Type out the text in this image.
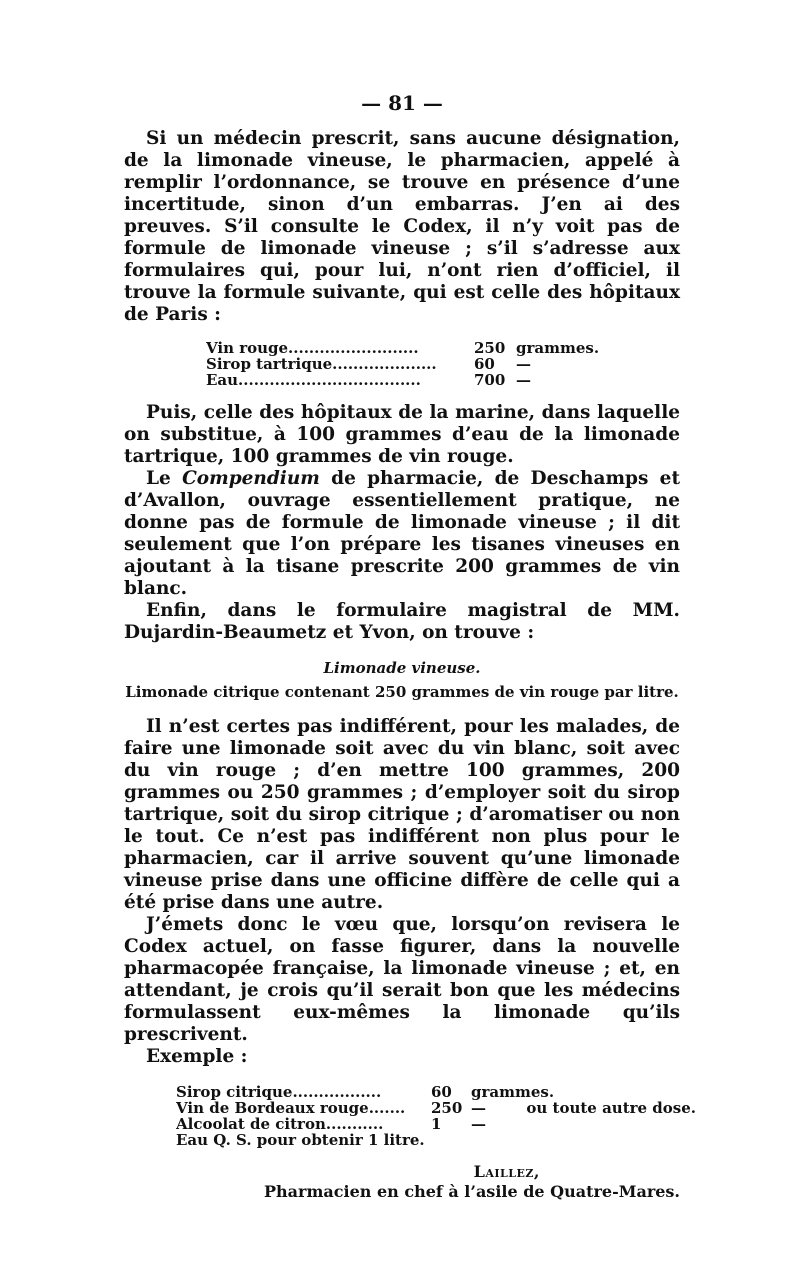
— 81 —

Si un médecin prescrit, sans aucune désignation, de la limonade vineuse, le pharmacien, appelé à remplir l’ordonnance, se trouve en présence d’une incertitude, sinon d’un embarras. J’en ai des preuves. S’il consulte le Codex, il n’y voit pas de formule de limonade vineuse ; s’il s’adresse aux formulaires qui, pour lui, n’ont rien d’officiel, il trouve la formule suivante, qui est celle des hôpitaux de Paris :

Vin rouge.........................	250 grammes.
Sirop tartrique....................	60	—
Eau...................................	700 —

Puis, celle des hôpitaux de la marine, dans laquelle on substitue, à 100 grammes d’eau de la limonade tartrique, 100 grammes de vin rouge.

Le Compendium de pharmacie, de Deschamps et d’Avallon, ouvrage essentiellement pratique, ne donne pas de formule de limonade vineuse ; il dit seulement que l’on prépare les tisanes vineuses en ajoutant à la tisane prescrite 200 grammes de vin blanc.

Enfin, dans le formulaire magistral de MM. Dujardin-Beaumetz et Yvon, on trouve :

Limonade vineuse.
Limonade citrique contenant 250 grammes de vin rouge par litre.

Il n’est certes pas indifférent, pour les malades, de faire une limonade soit avec du vin blanc, soit avec du vin rouge ; d’en mettre 100 grammes, 200 grammes ou 250 grammes ; d’employer soit du sirop tartrique, soit du sirop citrique ; d’aromatiser ou non le tout. Ce n’est pas indifférent non plus pour le pharmacien, car il arrive souvent qu’une limonade vineuse prise dans une officine diffère de celle qui a été prise dans une autre.

J’émets donc le vœu que, lorsqu’on revisera le Codex actuel, on fasse figurer, dans la nouvelle pharmacopée française, la limonade vineuse ; et, en attendant, je crois qu’il serait bon que les médecins formulassent eux-mêmes la limonade qu’ils prescrivent.

Exemple :

Sirop citrique.................	60	grammes.
Vin de Bordeaux rouge.......	250 —	ou toute autre dose.
Alcoolat de citron...........	1	—
Eau Q. S. pour obtenir 1 litre.
Laillez,
Pharmacien en chef à l’asile de Quatre-Mares.
